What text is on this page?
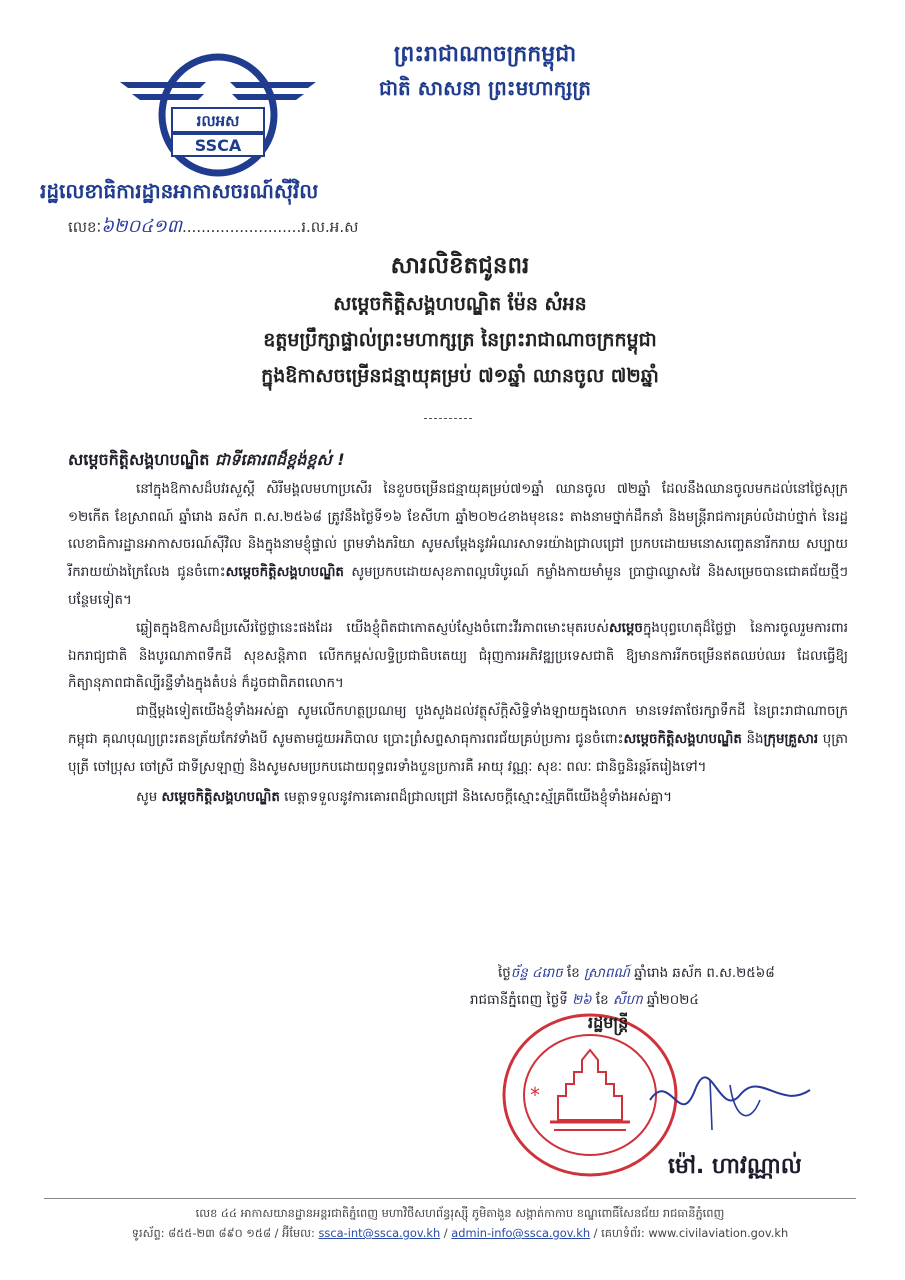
រលអស
SSCA
ព្រះរាជាណាចក្រកម្ពុជា
ជាតិ សាសនា ព្រះមហាក្សត្រ
រដ្ឋលេខាធិការដ្ឋានអាកាសចរណ៍ស៊ីវិល
លេខៈ៦២០៤១៣.........................រ.ល.អ.ស
សារលិខិតជូនពរ
សម្តេចកិត្តិសង្គហបណ្ឌិត ម៉ែន សំអន
ឧត្តមប្រឹក្សាផ្ទាល់ព្រះមហាក្សត្រ នៃព្រះរាជាណាចក្រកម្ពុជា
ក្នុងឱកាសចម្រើនជន្មាយុគម្រប់ ៧១ឆ្នាំ ឈានចូល ៧២ឆ្នាំ

សម្តេចកិត្តិសង្គហបណ្ឌិត ជាទីគោរពដ៏ខ្ពង់ខ្ពស់ !

នៅក្នុងឱកាសដ៏បវរសួស្តី សិរីមង្គលមហាប្រសើរ នៃខួបចម្រើនជន្មាយុគម្រប់៧១ឆ្នាំ ឈានចូល ៧២ឆ្នាំ ដែលនឹងឈានចូលមកដល់នៅថ្ងៃសុក្រ ១២កើត ខែស្រាពណ៍ ឆ្នាំរោង ឆស័ក ព.ស.២៥៦៨ ត្រូវនឹងថ្ងៃទី១៦ ខែសីហា ឆ្នាំ២០២៤ខាងមុខនេះ តាងនាមថ្នាក់ដឹកនាំ និងមន្ត្រីរាជការគ្រប់លំដាប់ថ្នាក់ នៃរដ្ឋលេខាធិការដ្ឋានអាកាសចរណ៍ស៊ីវិល និងក្នុងនាមខ្ញុំផ្ទាល់ ព្រមទាំងភរិយា សូមសម្តែងនូវអំណរសាទរយ៉ាងជ្រាលជ្រៅ ប្រកបដោយមនោសញ្ចេតនារីករាយ សប្បាយរីករាយយ៉ាងក្រៃលែង ជូនចំពោះសម្តេចកិត្តិសង្គហបណ្ឌិត សូមប្រកបដោយសុខភាពល្អបរិបូរណ៍ កម្លាំងកាយមាំមួន ប្រាជ្ញាឈ្លាសវៃ និងសម្រេចបានជោគជ័យថ្មីៗបន្ថែមទៀត។

ឆ្លៀតក្នុងឱកាសដ៏ប្រសើរថ្លៃថ្លានេះផងដែរ យើងខ្ញុំពិតជាកោតស្ញប់ស្ញែងចំពោះវីរភាពមោះមុតរបស់សម្តេចក្នុងបុព្វហេតុដ៏ថ្លៃថ្លា នៃការចូលរួមការពារឯករាជ្យជាតិ និងបូរណភាពទឹកដី សុខសន្តិភាព លើកកម្ពស់លទ្ធិប្រជាធិបតេយ្យ ជំរុញការអភិវឌ្ឍប្រទេសជាតិ ឱ្យមានការរីកចម្រើនឥតឈប់ឈរ ដែលធ្វើឱ្យកិត្យានុភាពជាតិល្បីរន្ទឺទាំងក្នុងតំបន់ ក៏ដូចជាពិភពលោក។

ជាថ្មីម្តងទៀតយើងខ្ញុំទាំងអស់គ្នា សូមលើកហត្ថប្រណម្យ បួងសួងដល់វត្ថុស័ក្តិសិទ្ធិទាំងឡាយក្នុងលោក មានទេវតាថែរក្សាទឹកដី នៃព្រះរាជាណាចក្រកម្ពុជា គុណបុណ្យព្រះរតនត្រ័យកែវទាំងបី សូមតាមជួយអភិបាល ប្រោះព្រំសព្ទសាធុការពរជ័យគ្រប់ប្រការ ជូនចំពោះសម្តេចកិត្តិសង្គហបណ្ឌិត និងក្រុមគ្រួសារ បុត្រា បុត្រី ចៅប្រុស ចៅស្រី ជាទីស្រឡាញ់ និងសូមសមប្រកបដោយពុទ្ធពរទាំងបួនប្រការគឺ អាយុ វណ្ណៈ សុខៈ ពលៈ ជានិច្ចនិរន្តរ៍តរៀងទៅ។

សូម សម្តេចកិត្តិសង្គហបណ្ឌិត មេត្តាទទួលនូវការគោរពដ៏ជ្រាលជ្រៅ និងសេចក្តីស្មោះស្ម័គ្រពីយើងខ្ញុំទាំងអស់គ្នា។

ថ្ងៃច័ន្ទ ៤រោច ខែ ស្រាពណ៍ ឆ្នាំរោង ឆស័ក ព.ស.២៥៦៨
រាជធានីភ្នំពេញ ថ្ងៃទី ២៦ ខែ សីហា ឆ្នាំ២០២៤
*
រដ្ឋមន្ត្រី
ម៉ៅ. ហាវណ្ណាល់
លេខ ៤៤ អាកាសយានដ្ឋានអន្តរជាតិភ្នំពេញ មហាវិថីសហព័ន្ធរុស្ស៊ី ភូមិតាងួន សង្កាត់កាកាប ខណ្ឌពោធិ៍សែនជ័យ រាជធានីភ្នំពេញ
ទូរស័ព្ទ: ៨៥៥-២៣ ៨៩០ ១៥៨ / អ៊ីមែល: ssca-int@ssca.gov.kh / admin-info@ssca.gov.kh / គេហទំព័រ: www.civilaviation.gov.kh
